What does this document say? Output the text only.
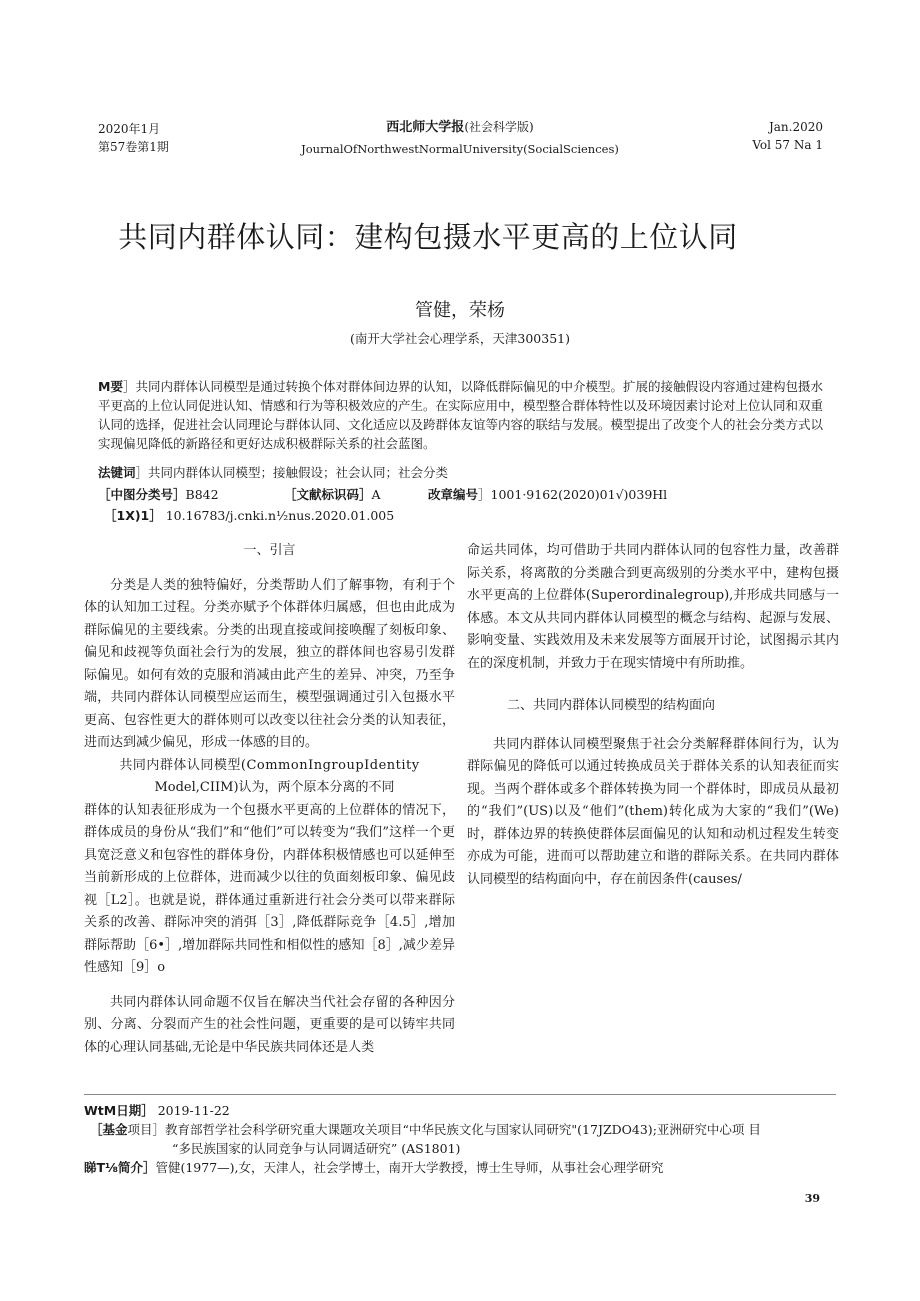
2020年1月
第57卷第1期
西北师大学报(社会科学版)
JournalOfNorthwestNormalUniversity(SocialSciences)
Jan.2020
Vol 57 Na 1
共同内群体认同：建构包摄水平更高的上位认同
管健，荣杨
(南开大学社会心理学系，天津300351)
M要］共同内群体认同模型是通过转换个体对群体间边界的认知，以降低群际偏见的中介模型。扩展的接触假设内容通过建构包摄水平更高的上位认同促进认知、情感和行为等积极效应的产生。在实际应用中，模型整合群体特性以及环境因素讨论对上位认同和双重认同的选择，促进社会认同理论与群体认同、文化适应以及跨群体友谊等内容的联结与发展。模型提出了改变个人的社会分类方式以实现偏见降低的新路径和更好达成积极群际关系的社会蓝图。
法键词］共同内群体认同模型；接触假设；社会认同；社会分类
［中图分类号］B842	［文献标识码］A	改章编号］1001·9162(2020)01√)039Hl
［1X)1］ 10.16783/j.cnki.n½nus.2020.01.005
一、引言

分类是人类的独特偏好，分类帮助人们了解事物，有利于个体的认知加工过程。分类亦赋予个体群体归属感，但也由此成为群际偏见的主要线索。分类的出现直接或间接唤醒了刻板印象、偏见和歧视等负面社会行为的发展，独立的群体间也容易引发群际偏见。如何有效的克服和消减由此产生的差异、冲突，乃至争端，共同内群体认同模型应运而生，模型强调通过引入包摄水平更高、包容性更大的群体则可以改变以往社会分类的认知表征，进而达到减少偏见，形成一体感的目的。

共同内群体认同模型(CommonIngroupIdentity
Model,CIIM)认为，两个原本分离的不同
群体的认知表征形成为一个包摄水平更高的上位群体的情况下，群体成员的身份从“我们”和“他们”可以转变为“我们”这样一个更具宽泛意义和包容性的群体身份，内群体积极情感也可以延伸至当前新形成的上位群体，进而减少以往的负面刻板印象、偏见歧视［L2］。也就是说，群体通过重新进行社会分类可以带来群际关系的改善、群际冲突的消弭［3］,降低群际竞争［4.5］,增加群际帮助［6•］,增加群际共同性和相似性的感知［8］,减少差异性感知［9］o

共同内群体认同命题不仅旨在解决当代社会存留的各种因分别、分离、分裂而产生的社会性问题，更重要的是可以铸牢共同体的心理认同基础,无论是中华民族共同体还是人类

命运共同体，均可借助于共同内群体认同的包容性力量，改善群际关系，将离散的分类融合到更高级别的分类水平中，建构包摄水平更高的上位群体(Superordinalegroup),并形成共同感与一体感。本文从共同内群体认同模型的概念与结构、起源与发展、影响变量、实践效用及未来发展等方面展开讨论，试图揭示其内在的深度机制，并致力于在现实情境中有所助推。
二、共同内群体认同模型的结构面向

共同内群体认同模型聚焦于社会分类解释群体间行为，认为群际偏见的降低可以通过转换成员关于群体关系的认知表征而实现。当两个群体或多个群体转换为同一个群体时，即成员从最初的“我们”(US)以及“他们”(them)转化成为大家的“我们”(We)时，群体边界的转换使群体层面偏见的认知和动机过程发生转变亦成为可能，进而可以帮助建立和谐的群际关系。在共同内群体认同模型的结构面向中，存在前因条件(causes/

WtM日期］ 2019-11-22
［基金项目］教育部哲学社会科学研究重大课题攻关项目“中华民族文化与国家认同研究"(17JZDO43);亚洲研究中心项 目
“多民族国家的认同竞争与认同调适研究” (AS1801)
睇T⅛简介］管健(1977—),女，天津人，社会学博士，南开大学教授，博士生导师，从事社会心理学研究
39
